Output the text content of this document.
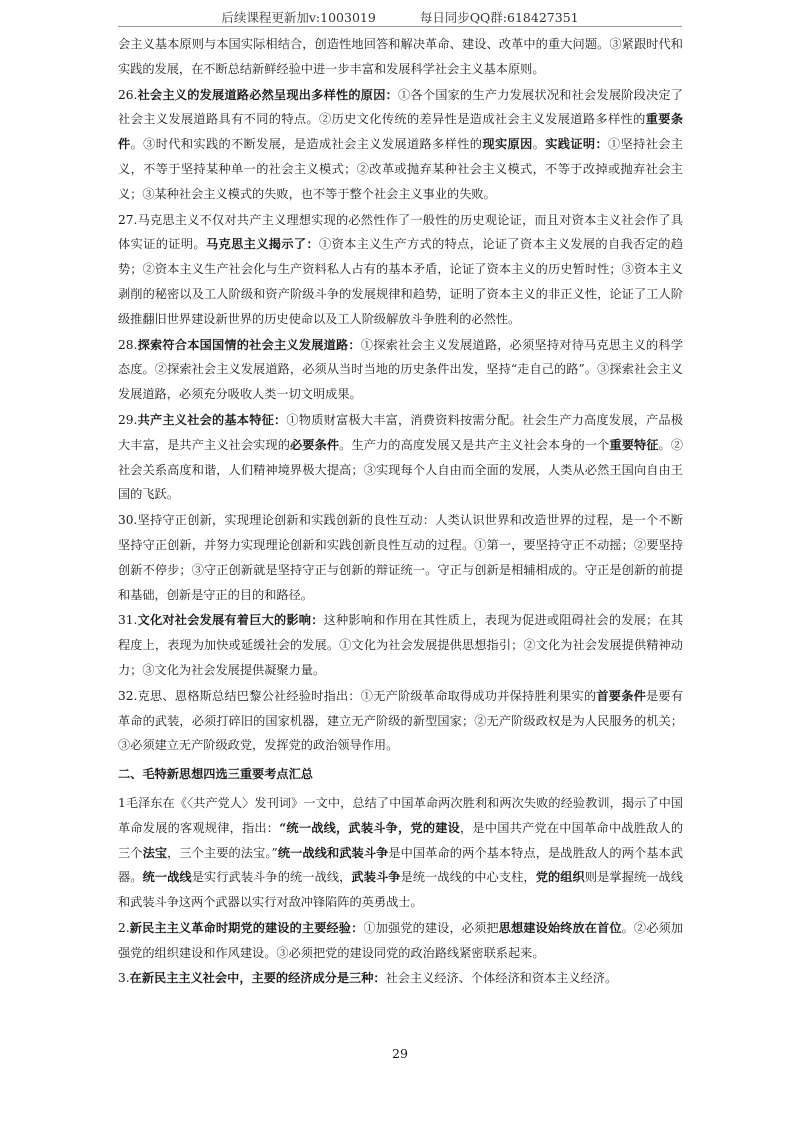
后续课程更新加v:1003019	每日同步QQ群:618427351

会主义基本原则与本国实际相结合，创造性地回答和解决革命、建设、改革中的重大问题。③紧跟时代和实践的发展，在不断总结新鲜经验中进一步丰富和发展科学社会主义基本原则。

26.社会主义的发展道路必然呈现出多样性的原因：①各个国家的生产力发展状况和社会发展阶段决定了社会主义发展道路具有不同的特点。②历史文化传统的差异性是造成社会主义发展道路多样性的重要条件。③时代和实践的不断发展，是造成社会主义发展道路多样性的现实原因。实践证明：①坚持社会主义，不等于坚持某种单一的社会主义模式；②改革或抛弃某种社会主义模式，不等于改掉或抛弃社会主义；③某种社会主义模式的失败，也不等于整个社会主义事业的失败。

27.马克思主义不仅对共产主义理想实现的必然性作了一般性的历史观论证，而且对资本主义社会作了具体实证的证明。马克思主义揭示了：①资本主义生产方式的特点，论证了资本主义发展的自我否定的趋势；②资本主义生产社会化与生产资料私人占有的基本矛盾，论证了资本主义的历史暂时性；③资本主义剥削的秘密以及工人阶级和资产阶级斗争的发展规律和趋势，证明了资本主义的非正义性，论证了工人阶级推翻旧世界建设新世界的历史使命以及工人阶级解放斗争胜利的必然性。

28.探索符合本国国情的社会主义发展道路：①探索社会主义发展道路，必须坚持对待马克思主义的科学态度。②探索社会主义发展道路，必须从当时当地的历史条件出发，坚持“走自己的路”。③探索社会主义发展道路，必须充分吸收人类一切文明成果。

29.共产主义社会的基本特征：①物质财富极大丰富，消费资料按需分配。社会生产力高度发展，产品极大丰富，是共产主义社会实现的必要条件。生产力的高度发展又是共产主义社会本身的一个重要特征。②社会关系高度和谐，人们精神境界极大提高；③实现每个人自由而全面的发展，人类从必然王国向自由王国的飞跃。

30.坚持守正创新，实现理论创新和实践创新的良性互动：人类认识世界和改造世界的过程，是一个不断坚持守正创新，并努力实现理论创新和实践创新良性互动的过程。①第一，要坚持守正不动摇；②要坚持创新不停步；③守正创新就是坚持守正与创新的辩证统一。守正与创新是相辅相成的。守正是创新的前提和基础，创新是守正的目的和路径。

31.文化对社会发展有着巨大的影响：这种影响和作用在其性质上，表现为促进或阻碍社会的发展；在其程度上，表现为加快或延缓社会的发展。①文化为社会发展提供思想指引；②文化为社会发展提供精神动力；③文化为社会发展提供凝聚力量。

32.克思、恩格斯总结巴黎公社经验时指出：①无产阶级革命取得成功并保持胜利果实的首要条件是要有革命的武装，必须打碎旧的国家机器，建立无产阶级的新型国家；②无产阶级政权是为人民服务的机关；③必须建立无产阶级政党，发挥党的政治领导作用。

二、毛特新思想四选三重要考点汇总

1毛泽东在《〈共产党人〉发刊词》一文中，总结了中国革命两次胜利和两次失败的经验教训，揭示了中国革命发展的客观规律，指出：“统一战线，武装斗争，党的建设，是中国共产党在中国革命中战胜敌人的三个法宝，三个主要的法宝。”统一战线和武装斗争是中国革命的两个基本特点，是战胜敌人的两个基本武器。统一战线是实行武装斗争的统一战线，武装斗争是统一战线的中心支柱，党的组织则是掌握统一战线和武装斗争这两个武器以实行对敌冲锋陷阵的英勇战士。

2.新民主主义革命时期党的建设的主要经验：①加强党的建设，必须把思想建设始终放在首位。②必须加强党的组织建设和作风建设。③必须把党的建设同党的政治路线紧密联系起来。

3.在新民主主义社会中，主要的经济成分是三种：社会主义经济、个体经济和资本主义经济。

29
